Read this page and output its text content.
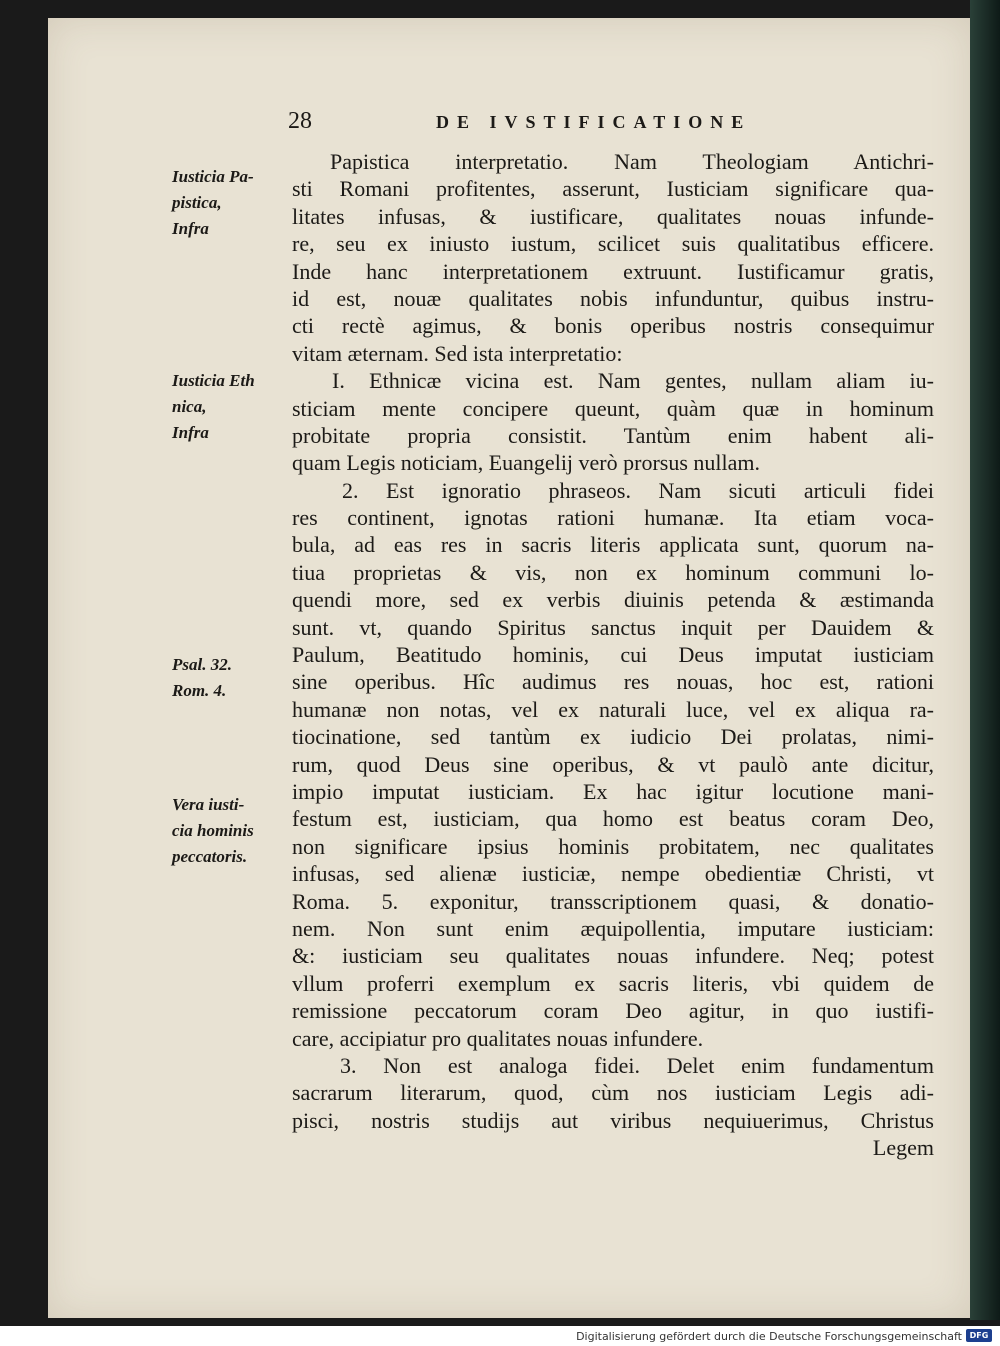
28	DE IVSTIFICATIONE
Iusticia Pa-
pistica,
Infra
Iusticia Eth
nica,
Infra
Psal. 32.
Rom. 4.
Vera iusti-
cia hominis
peccatoris.
Papistica interpretatio. Nam Theologiam Antichri-
sti Romani profitentes, asserunt, Iusticiam significare qua-
litates infusas, & iustificare, qualitates nouas infunde-
re, seu ex iniusto iustum, scilicet suis qualitatibus efficere.
Inde hanc interpretationem extruunt. Iustificamur gratis,
id est, nouæ qualitates nobis infunduntur, quibus instru-
cti rectè agimus, & bonis operibus nostris consequimur
vitam æternam. Sed ista interpretatio:
I. Ethnicæ vicina est. Nam gentes, nullam aliam iu-
sticiam mente concipere queunt, quàm quæ in hominum
probitate propria consistit. Tantùm enim habent ali-
quam Legis noticiam, Euangelij verò prorsus nullam.
2. Est ignoratio phraseos. Nam sicuti articuli fidei
res continent, ignotas rationi humanæ. Ita etiam voca-
bula, ad eas res in sacris literis applicata sunt, quorum na-
tiua proprietas & vis, non ex hominum communi lo-
quendi more, sed ex verbis diuinis petenda & æstimanda
sunt. vt, quando Spiritus sanctus inquit per Dauidem &
Paulum, Beatitudo hominis, cui Deus imputat iusticiam
sine operibus. Hîc audimus res nouas, hoc est, rationi
humanæ non notas, vel ex naturali luce, vel ex aliqua ra-
tiocinatione, sed tantùm ex iudicio Dei prolatas, nimi-
rum, quod Deus sine operibus, & vt paulò ante dicitur,
impio imputat iusticiam. Ex hac igitur locutione mani-
festum est, iusticiam, qua homo est beatus coram Deo,
non significare ipsius hominis probitatem, nec qualitates
infusas, sed alienæ iusticiæ, nempe obedientiæ Christi, vt
Roma. 5. exponitur, transscriptionem quasi, & donatio-
nem. Non sunt enim æquipollentia, imputare iusticiam:
&: iusticiam seu qualitates nouas infundere. Neq; potest
vllum proferri exemplum ex sacris literis, vbi quidem de
remissione peccatorum coram Deo agitur, in quo iustifi-
care, accipiatur pro qualitates nouas infundere.
3. Non est analoga fidei. Delet enim fundamentum
sacrarum literarum, quod, cùm nos iusticiam Legis adi-
pisci, nostris studijs aut viribus nequiuerimus, Christus
Legem
Digitalisierung gefördert durch die Deutsche Forschungsgemeinschaft DFG
